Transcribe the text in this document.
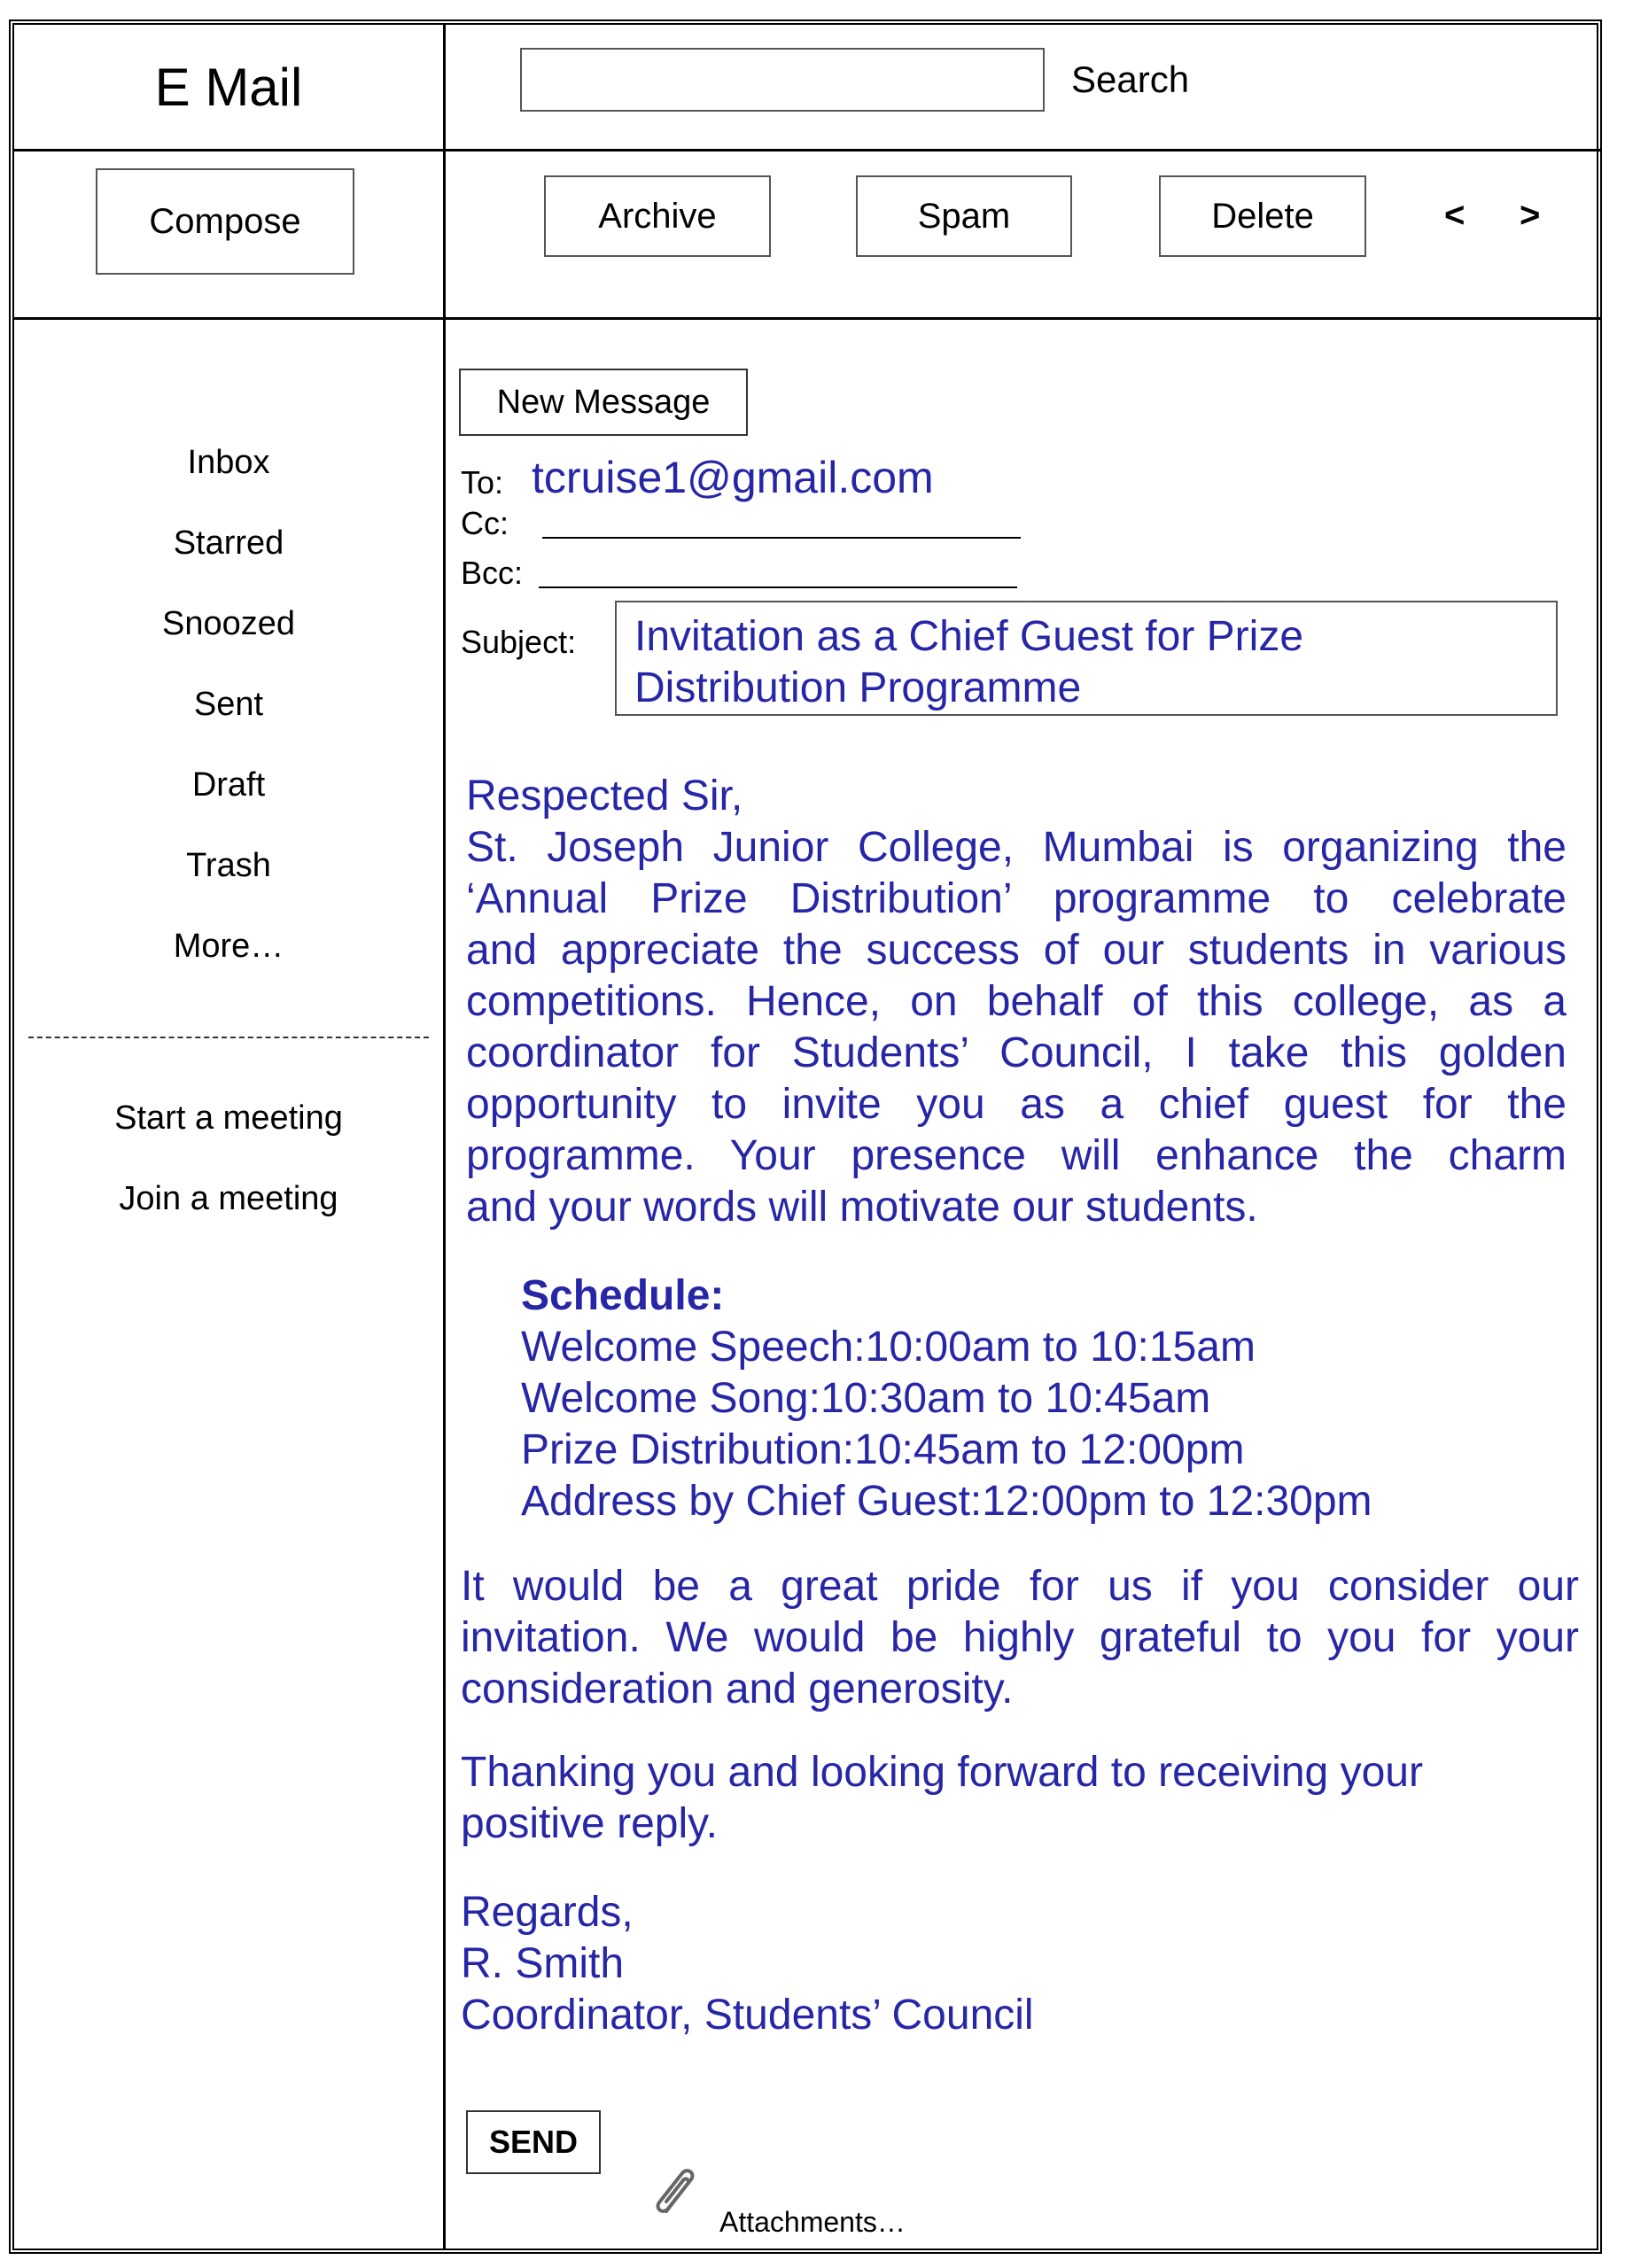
E Mail	Search
Compose	Archive	Spam	Delete	< >
Inbox
Starred
Snoozed
Sent
Draft
Trash
More…
Start a meeting
Join a meeting
New Message
To: tcruise1@gmail.com
Cc:
Bcc:
Subject: Invitation as a Chief Guest for Prize
Distribution Programme
Respected Sir,
St. Joseph Junior College, Mumbai is organizing the
‘Annual Prize Distribution’ programme to celebrate
and appreciate the success of our students in various
competitions. Hence, on behalf of this college, as a
coordinator for Students’ Council, I take this golden
opportunity to invite you as a chief guest for the
programme. Your presence will enhance the charm
and your words will motivate our students.
Schedule:
Welcome Speech:10:00am to 10:15am
Welcome Song:10:30am to 10:45am
Prize Distribution:10:45am to 12:00pm
Address by Chief Guest:12:00pm to 12:30pm
It would be a great pride for us if you consider our
invitation. We would be highly grateful to you for your
consideration and generosity.
Thanking you and looking forward to receiving your
positive reply.
Regards,
R. Smith
Coordinator, Students’ Council
SEND
Attachments…
